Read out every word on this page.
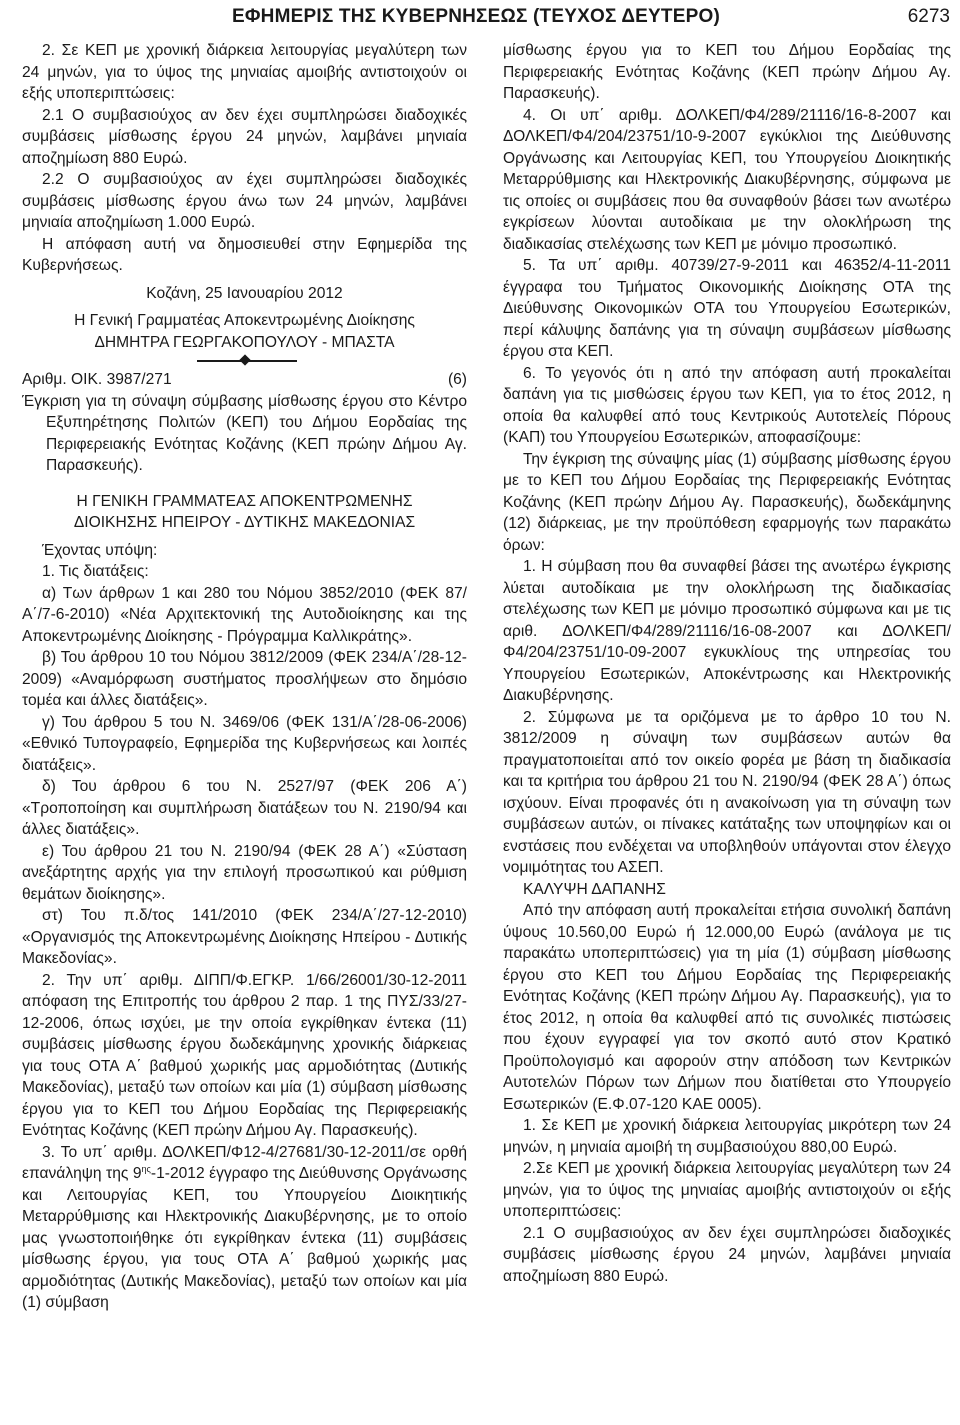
ΕΦΗΜΕΡΙΣ ΤΗΣ ΚΥΒΕΡΝΗΣΕΩΣ (ΤΕΥΧΟΣ ΔΕΥΤΕΡΟ)	6273

2. Σε ΚΕΠ με χρονική διάρκεια λειτουργίας μεγαλύτερη των 24 μηνών, για το ύψος της μηνιαίας αμοιβής αντιστοιχούν οι εξής υποπεριπτώσεις:

2.1 Ο συμβασιούχος αν δεν έχει συμπληρώσει διαδοχικές συμβάσεις μίσθωσης έργου 24 μηνών, λαμβάνει μηνιαία αποζημίωση 880 Ευρώ.

2.2 Ο συμβασιούχος αν έχει συμπληρώσει διαδοχικές συμβάσεις μίσθωσης έργου άνω των 24 μηνών, λαμβάνει μηνιαία αποζημίωση 1.000 Ευρώ.

Η απόφαση αυτή να δημοσιευθεί στην Εφημερίδα της Κυβερνήσεως.

Κοζάνη, 25 Ιανουαρίου 2012

Η Γενική Γραμματέας Αποκεντρωμένης Διοίκησης

ΔΗΜΗΤΡΑ ΓΕΩΡΓΑΚΟΠΟΥΛΟΥ - ΜΠΑΣΤΑ

Αριθμ. ΟΙΚ. 3987/271	(6)

Έγκριση για τη σύναψη σύμβασης μίσθωσης έργου στο Κέντρο Εξυπηρέτησης Πολιτών (ΚΕΠ) του Δήμου Εορδαίας της Περιφερειακής Ενότητας Κοζάνης (ΚΕΠ πρώην Δήμου Αγ. Παρασκευής).

Η ΓΕΝΙΚΗ ΓΡΑΜΜΑΤΕΑΣ ΑΠΟΚΕΝΤΡΩΜΕΝΗΣ

ΔΙΟΙΚΗΣΗΣ ΗΠΕΙΡΟΥ - ΔΥΤΙΚΗΣ ΜΑΚΕΔΟΝΙΑΣ

Έχοντας υπόψη:

1. Τις διατάξεις:

α) Των άρθρων 1 και 280 του Νόμου 3852/2010 (ΦΕΚ 87/Α΄/7-6-2010) «Νέα Αρχιτεκτονική της Αυτοδιοίκησης και της Αποκεντρωμένης Διοίκησης - Πρόγραμμα Καλλικράτης».

β) Του άρθρου 10 του Νόμου 3812/2009 (ΦΕΚ 234/Α΄/28-12-2009) «Αναμόρφωση συστήματος προσλήψεων στο δημόσιο τομέα και άλλες διατάξεις».

γ) Του άρθρου 5 του Ν. 3469/06 (ΦΕΚ 131/Α΄/28-06-2006) «Εθνικό Τυπογραφείο, Εφημερίδα της Κυβερνήσεως και λοιπές διατάξεις».

δ) Του άρθρου 6 του Ν. 2527/97 (ΦΕΚ 206 Α΄) «Τροποποίηση και συμπλήρωση διατάξεων του Ν. 2190/94 και άλλες διατάξεις».

ε) Του άρθρου 21 του Ν. 2190/94 (ΦΕΚ 28 Α΄) «Σύσταση ανεξάρτητης αρχής για την επιλογή προσωπικού και ρύθμιση θεμάτων διοίκησης».

στ) Του π.δ/τος 141/2010 (ΦΕΚ 234/Α΄/27-12-2010) «Οργανισμός της Αποκεντρωμένης Διοίκησης Ηπείρου - Δυτικής Μακεδονίας».

2. Την υπ΄ αριθμ. ΔΙΠΠ/Φ.ΕΓΚΡ. 1/66/26001/30-12-2011 απόφαση της Επιτροπής του άρθρου 2 παρ. 1 της ΠΥΣ/33/27-12-2006, όπως ισχύει, με την οποία εγκρίθηκαν έντεκα (11) συμβάσεις μίσθωσης έργου δωδεκάμηνης χρονικής διάρκειας για τους ΟΤΑ Α΄ βαθμού χωρικής μας αρμοδιότητας (Δυτικής Μακεδονίας), μεταξύ των οποίων και μία (1) σύμβαση μίσθωσης έργου για το ΚΕΠ του Δήμου Εορδαίας της Περιφερειακής Ενότητας Κοζάνης (ΚΕΠ πρώην Δήμου Αγ. Παρασκευής).

3. Το υπ΄ αριθμ. ΔΟΛΚΕΠ/Φ12-4/27681/30-12-2011/σε ορθή επανάληψη της $9^{\eta\varsigma}-1-2012$ έγγραφο της Διεύθυνσης Οργάνωσης και Λειτουργίας ΚΕΠ, του Υπουργείου Διοικητικής Μεταρρύθμισης και Ηλεκτρονικής Διακυβέρνησης, με το οποίο μας γνωστοποιήθηκε ότι εγκρίθηκαν έντεκα (11) συμβάσεις μίσθωσης έργου, για τους ΟΤΑ Α΄ βαθμού χωρικής μας αρμοδιότητας (Δυτικής Μακεδονίας), μεταξύ των οποίων και μία (1) σύμβαση

μίσθωσης έργου για το ΚΕΠ του Δήμου Εορδαίας της Περιφερειακής Ενότητας Κοζάνης (ΚΕΠ πρώην Δήμου Αγ. Παρασκευής).

4. Οι υπ΄ αριθμ. ΔΟΛΚΕΠ/Φ4/289/21116/16-8-2007 και ΔΟΛΚΕΠ/Φ4/204/23751/10-9-2007 εγκύκλιοι της Διεύθυνσης Οργάνωσης και Λειτουργίας ΚΕΠ, του Υπουργείου Διοικητικής Μεταρρύθμισης και Ηλεκτρονικής Διακυβέρνησης, σύμφωνα με τις οποίες οι συμβάσεις που θα συναφθούν βάσει των ανωτέρω εγκρίσεων λύονται αυτοδίκαια με την ολοκλήρωση της διαδικασίας στελέχωσης των ΚΕΠ με μόνιμο προσωπικό.

5. Τα υπ΄ αριθμ. 40739/27-9-2011 και 46352/4-11-2011 έγγραφα του Τμήματος Οικονομικής Διοίκησης ΟΤΑ της Διεύθυνσης Οικονομικών ΟΤΑ του Υπουργείου Εσωτερικών, περί κάλυψης δαπάνης για τη σύναψη συμβάσεων μίσθωσης έργου στα ΚΕΠ.

6. Το γεγονός ότι η από την απόφαση αυτή προκαλείται δαπάνη για τις μισθώσεις έργου των ΚΕΠ, για το έτος 2012, η οποία θα καλυφθεί από τους Κεντρικούς Αυτοτελείς Πόρους (ΚΑΠ) του Υπουργείου Εσωτερικών, αποφασίζουμε:

Την έγκριση της σύναψης μίας (1) σύμβασης μίσθωσης έργου με το ΚΕΠ του Δήμου Εορδαίας της Περιφερειακής Ενότητας Κοζάνης (ΚΕΠ πρώην Δήμου Αγ. Παρασκευής), δωδεκάμηνης (12) διάρκειας, με την προϋπόθεση εφαρμογής των παρακάτω όρων:

1. Η σύμβαση που θα συναφθεί βάσει της ανωτέρω έγκρισης λύεται αυτοδίκαια με την ολοκλήρωση της διαδικασίας στελέχωσης των ΚΕΠ με μόνιμο προσωπικό σύμφωνα και με τις αριθ. ΔΟΛΚΕΠ/Φ4/289/21116/16-08-2007 και ΔΟΛΚΕΠ/Φ4/204/23751/10-09-2007 εγκυκλίους της υπηρεσίας του Υπουργείου Εσωτερικών, Αποκέντρωσης και Ηλεκτρονικής Διακυβέρνησης.

2. Σύμφωνα με τα οριζόμενα με το άρθρο 10 του Ν. 3812/2009 η σύναψη των συμβάσεων αυτών θα πραγματοποιείται από τον οικείο φορέα με βάση τη διαδικασία και τα κριτήρια του άρθρου 21 του Ν. 2190/94 (ΦΕΚ 28 Α΄) όπως ισχύουν. Είναι προφανές ότι η ανακοίνωση για τη σύναψη των συμβάσεων αυτών, οι πίνακες κατάταξης των υποψηφίων και οι ενστάσεις που ενδέχεται να υποβληθούν υπάγονται στον έλεγχο νομιμότητας του ΑΣΕΠ.

ΚΑΛΥΨΗ ΔΑΠΑΝΗΣ

Από την απόφαση αυτή προκαλείται ετήσια συνολική δαπάνη ύψους 10.560,00 Ευρώ ή 12.000,00 Ευρώ (ανάλογα με τις παρακάτω υποπεριπτώσεις) για τη μία (1) σύμβαση μίσθωσης έργου στο ΚΕΠ του Δήμου Εορδαίας της Περιφερειακής Ενότητας Κοζάνης (ΚΕΠ πρώην Δήμου Αγ. Παρασκευής), για το έτος 2012, η οποία θα καλυφθεί από τις συνολικές πιστώσεις που έχουν εγγραφεί για τον σκοπό αυτό στον Κρατικό Προϋπολογισμό και αφορούν στην απόδοση των Κεντρικών Αυτοτελών Πόρων των Δήμων που διατίθεται στο Υπουργείο Εσωτερικών (Ε.Φ.07-120 ΚΑΕ 0005).

1. Σε ΚΕΠ με χρονική διάρκεια λειτουργίας μικρότερη των 24 μηνών, η μηνιαία αμοιβή τη συμβασιούχου 880,00 Ευρώ.

2.Σε ΚΕΠ με χρονική διάρκεια λειτουργίας μεγαλύτερη των 24 μηνών, για το ύψος της μηνιαίας αμοιβής αντιστοιχούν οι εξής υποπεριπτώσεις:

2.1 Ο συμβασιούχος αν δεν έχει συμπληρώσει διαδοχικές συμβάσεις μίσθωσης έργου 24 μηνών, λαμβάνει μηνιαία αποζημίωση 880 Ευρώ.
